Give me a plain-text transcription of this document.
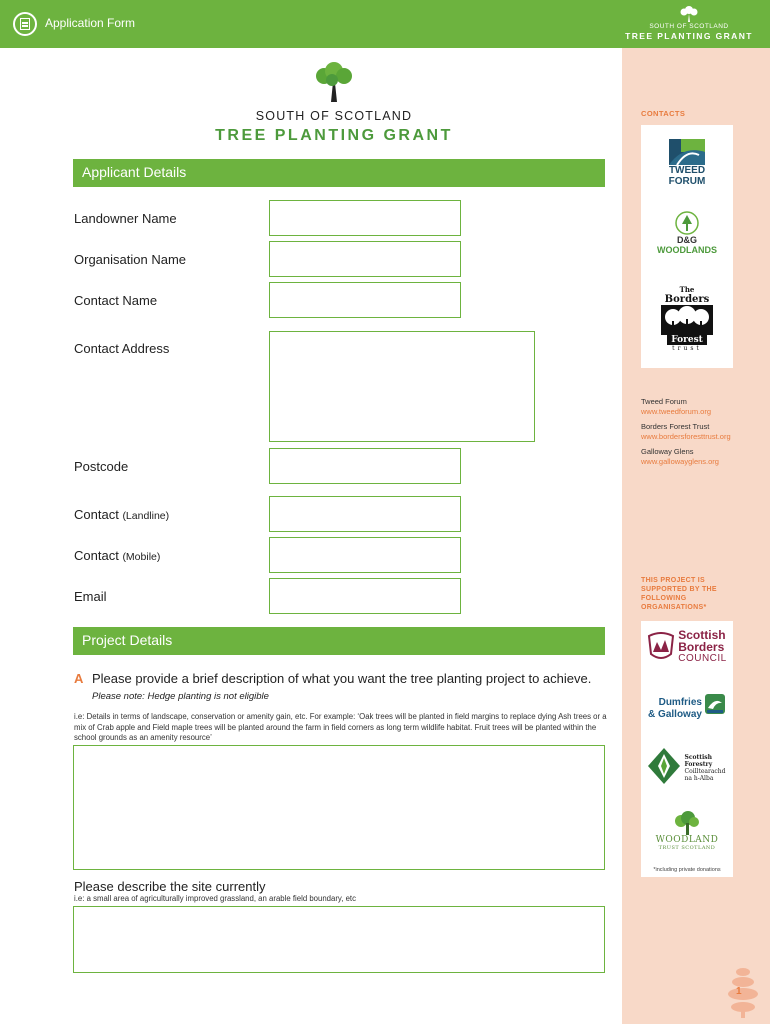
Application Form	SOUTH OF SCOTLAND
TREE PLANTING GRANT
SOUTH OF SCOTLAND
TREE PLANTING GRANT
Applicant Details
Landowner Name
Organisation Name
Contact Name
Contact Address
Postcode
Contact (Landline)
Contact (Mobile)
Email
Project Details
A Please provide a brief description of what you want the tree planting project to achieve. Please note: Hedge planting is not eligible
i.e: Details in terms of landscape, conservation or amenity gain, etc. For example: ‘Oak trees will be planted in field margins to replace dying Ash trees or a mix of Crab apple and Field maple trees will be planted around the farm in field corners as long term wildlife habitat. Fruit trees will be planted within the school grounds as an amenity resource’
Please describe the site currently
i.e: a small area of agriculturally improved grassland, an arable field boundary, etc
CONTACTS
TWEED
FORUM
D&G
WOODLANDS
The
Borders
Forest
trust
Tweed Forum
www.tweedforum.org
Borders Forest Trust
www.bordersforesttrust.org
Galloway Glens
www.gallowayglens.org
THIS PROJECT IS SUPPORTED BY THE FOLLOWING ORGANISATIONS*
Scottish
Borders
COUNCIL
Dumfries
& Galloway
Scottish
Forestry
Coilltearachd
na h-Alba
WOODLAND
TRUST SCOTLAND
*including private donations
1
